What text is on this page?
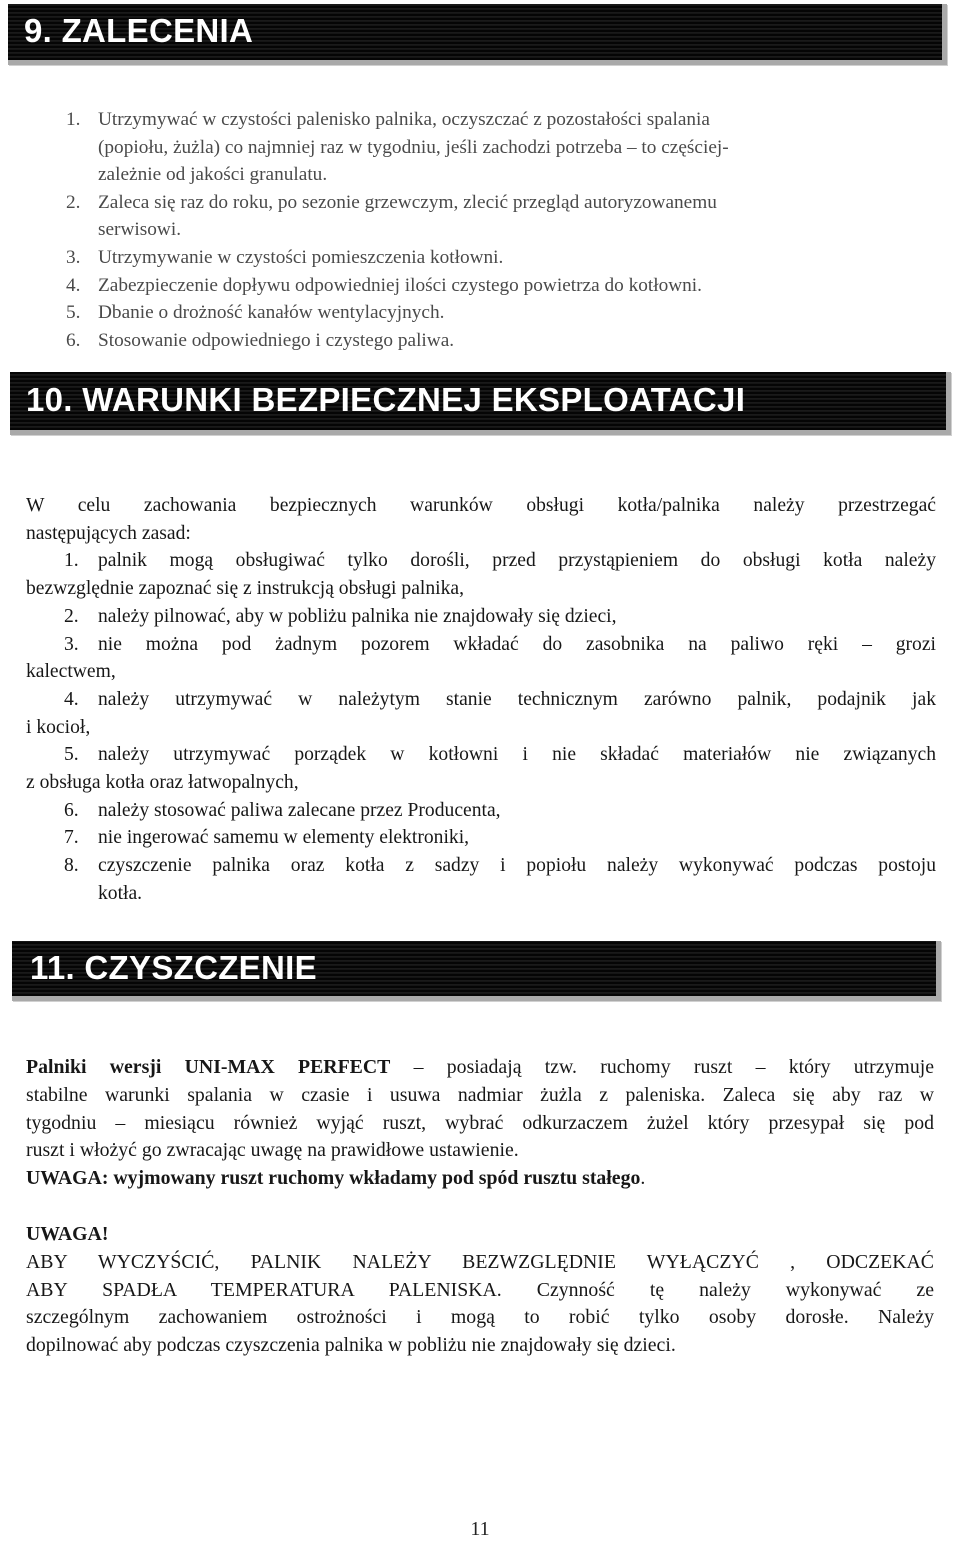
9. ZALECENIA
1. Utrzymywać w czystości palenisko palnika, oczyszczać z pozostałości spalania
(popiołu, żużla) co najmniej raz w tygodniu, jeśli zachodzi potrzeba – to częściej-
zależnie od jakości granulatu.
2. Zaleca się raz do roku, po sezonie grzewczym, zlecić przegląd autoryzowanemu
serwisowi.
3. Utrzymywanie w czystości pomieszczenia kotłowni.
4. Zabezpieczenie dopływu odpowiedniej ilości czystego powietrza do kotłowni.
5. Dbanie o drożność kanałów wentylacyjnych.
6. Stosowanie odpowiedniego i czystego paliwa.
10. WARUNKI BEZPIECZNEJ EKSPLOATACJI
W celu zachowania bezpiecznych warunków obsługi kotła/palnika należy przestrzegać
następujących zasad:
1. palnik mogą obsługiwać tylko dorośli, przed przystąpieniem do obsługi kotła należy
bezwzględnie zapoznać się z instrukcją obsługi palnika,
2. należy pilnować, aby w pobliżu palnika nie znajdowały się dzieci,
3. nie można pod żadnym pozorem wkładać do zasobnika na paliwo ręki – grozi
kalectwem,
4. należy utrzymywać w należytym stanie technicznym zarówno palnik, podajnik jak
i kocioł,
5. należy utrzymywać porządek w kotłowni i nie składać materiałów nie związanych
z obsługa kotła oraz łatwopalnych,
6. należy stosować paliwa zalecane przez Producenta,
7. nie ingerować samemu w elementy elektroniki,
8. czyszczenie palnika oraz kotła z sadzy i popiołu należy wykonywać podczas postoju
kotła.
11. CZYSZCZENIE

Palniki wersji UNI-MAX PERFECT – posiadają tzw. ruchomy ruszt – który utrzymuje

stabilne warunki spalania w czasie i usuwa nadmiar żużla z paleniska. Zaleca się aby raz w

tygodniu – miesiącu również wyjąć ruszt, wybrać odkurzaczem żużel który przesypał się pod

ruszt i włożyć go zwracając uwagę na prawidłowe ustawienie.

UWAGA: wyjmowany ruszt ruchomy wkładamy pod spód rusztu stałego.

UWAGA!

ABY WYCZYŚCIĆ, PALNIK NALEŻY BEZWZGLĘDNIE WYŁĄCZYĆ , ODCZEKAĆ

ABY SPADŁA TEMPERATURA PALENISKA. Czynność tę należy wykonywać ze

szczególnym zachowaniem ostrożności i mogą to robić tylko osoby dorosłe. Należy

dopilnować aby podczas czyszczenia palnika w pobliżu nie znajdowały się dzieci.

11
